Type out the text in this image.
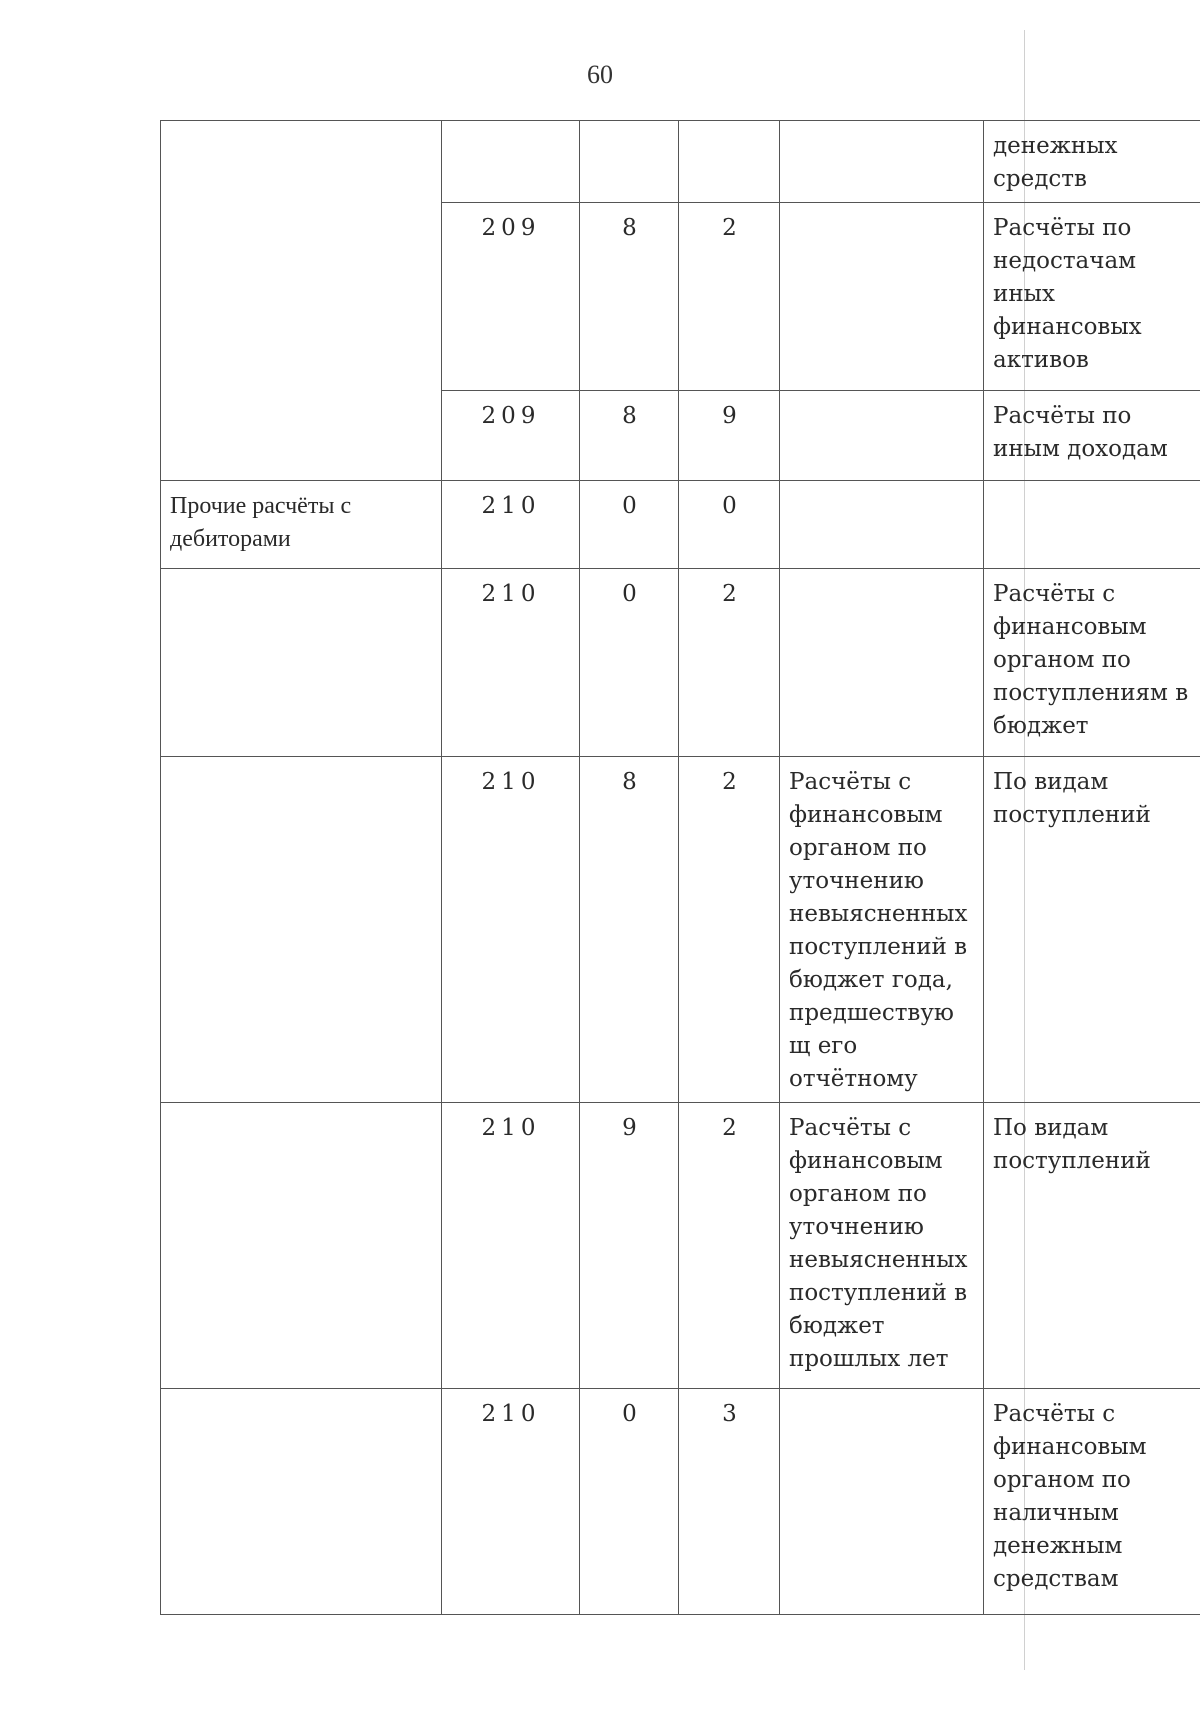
60
					денежных средств
	209	8	2		Расчёты по недостачам иных финансовых активов
	209	8	9		Расчёты по иным доходам
Прочие расчёты с дебиторами	210	0	0		
	210	0	2		Расчёты с финансовым органом по поступлениям в бюджет
	210	8	2	Расчёты с финансовым органом по уточнению невыясненных поступлений в бюджет года, предшествующ его отчётному	По видам поступлений
	210	9	2	Расчёты с финансовым органом по уточнению невыясненных поступлений в бюджет прошлых лет	По видам поступлений
	210	0	3		Расчёты с финансовым органом по наличным денежным средствам
